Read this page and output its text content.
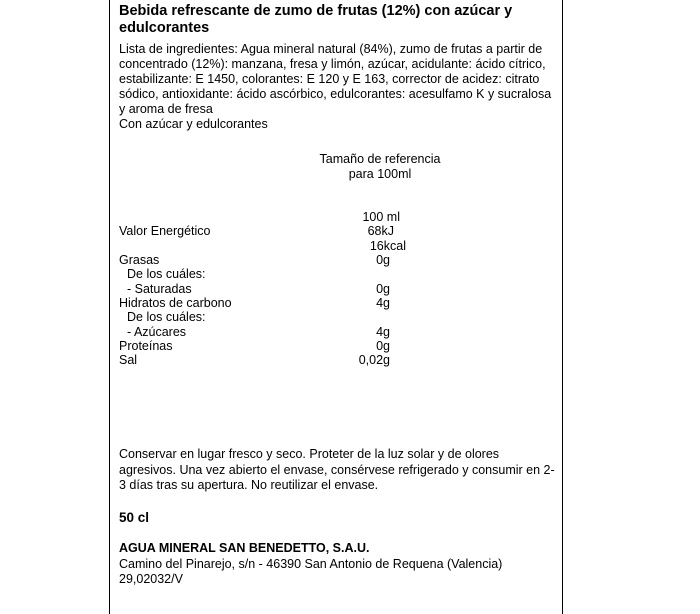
Bebida refrescante de zumo de frutas (12%) con azúcar y edulcorantes
Lista de ingredientes: Agua mineral natural (84%), zumo de frutas a partir de concentrado (12%): manzana, fresa y limón, azúcar, acidulante: ácido cítrico, estabilizante: E 1450, colorantes: E 120 y E 163, corrector de acidez: citrato sódico, antioxidante: ácido ascórbico, edulcorantes: acesulfamo K y sucralosa y aroma de fresa
Con azúcar y edulcorantes
Tamaño de referencia
para 100ml
100 ml
Valor Energético	68kJ
16kcal
Grasas	0g
De los cuáles:
- Saturadas	0g
Hidratos de carbono	4g
De los cuáles:
- Azúcares	4g
Proteínas	0g
Sal	0,02g
Conservar en lugar fresco y seco. Proteter de la luz solar y de olores agresivos. Una vez abierto el envase, consérvese refrigerado y consumir en 2-3 días tras su apertura. No reutilizar el envase.
50 cl
AGUA MINERAL SAN BENEDETTO, S.A.U.
Camino del Pinarejo, s/n - 46390 San Antonio de Requena (Valencia)
29,02032/V
